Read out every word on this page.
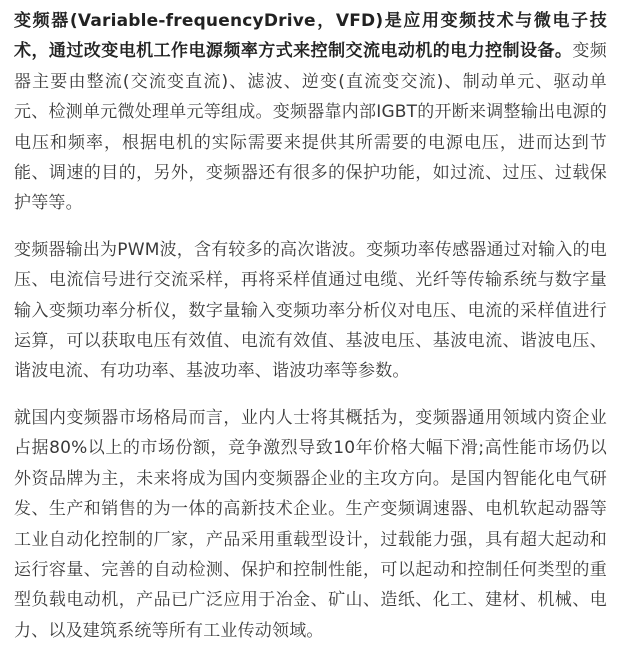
变频器(Variable-frequencyDrive，VFD)是应用变频技术与微电子技术，通过改变电机工作电源频率方式来控制交流电动机的电力控制设备。变频器主要由整流(交流变直流)、滤波、逆变(直流变交流)、制动单元、驱动单元、检测单元微处理单元等组成。变频器靠内部IGBT的开断来调整输出电源的电压和频率，根据电机的实际需要来提供其所需要的电源电压，进而达到节能、调速的目的，另外，变频器还有很多的保护功能，如过流、过压、过载保护等等。

变频器输出为PWM波，含有较多的高次谐波。变频功率传感器通过对输入的电压、电流信号进行交流采样，再将采样值通过电缆、光纤等传输系统与数字量输入变频功率分析仪，数字量输入变频功率分析仪对电压、电流的采样值进行运算，可以获取电压有效值、电流有效值、基波电压、基波电流、谐波电压、谐波电流、有功功率、基波功率、谐波功率等参数。

就国内变频器市场格局而言，业内人士将其概括为，变频器通用领域内资企业占据80%以上的市场份额，竞争激烈导致10年价格大幅下滑;高性能市场仍以外资品牌为主，未来将成为国内变频器企业的主攻方向。是国内智能化电气研发、生产和销售的为一体的高新技术企业。生产变频调速器、电机软起动器等工业自动化控制的厂家，产品采用重载型设计，过载能力强，具有超大起动和运行容量、完善的自动检测、保护和控制性能，可以起动和控制任何类型的重型负载电动机，产品已广泛应用于冶金、矿山、造纸、化工、建材、机械、电力、以及建筑系统等所有工业传动领域。
